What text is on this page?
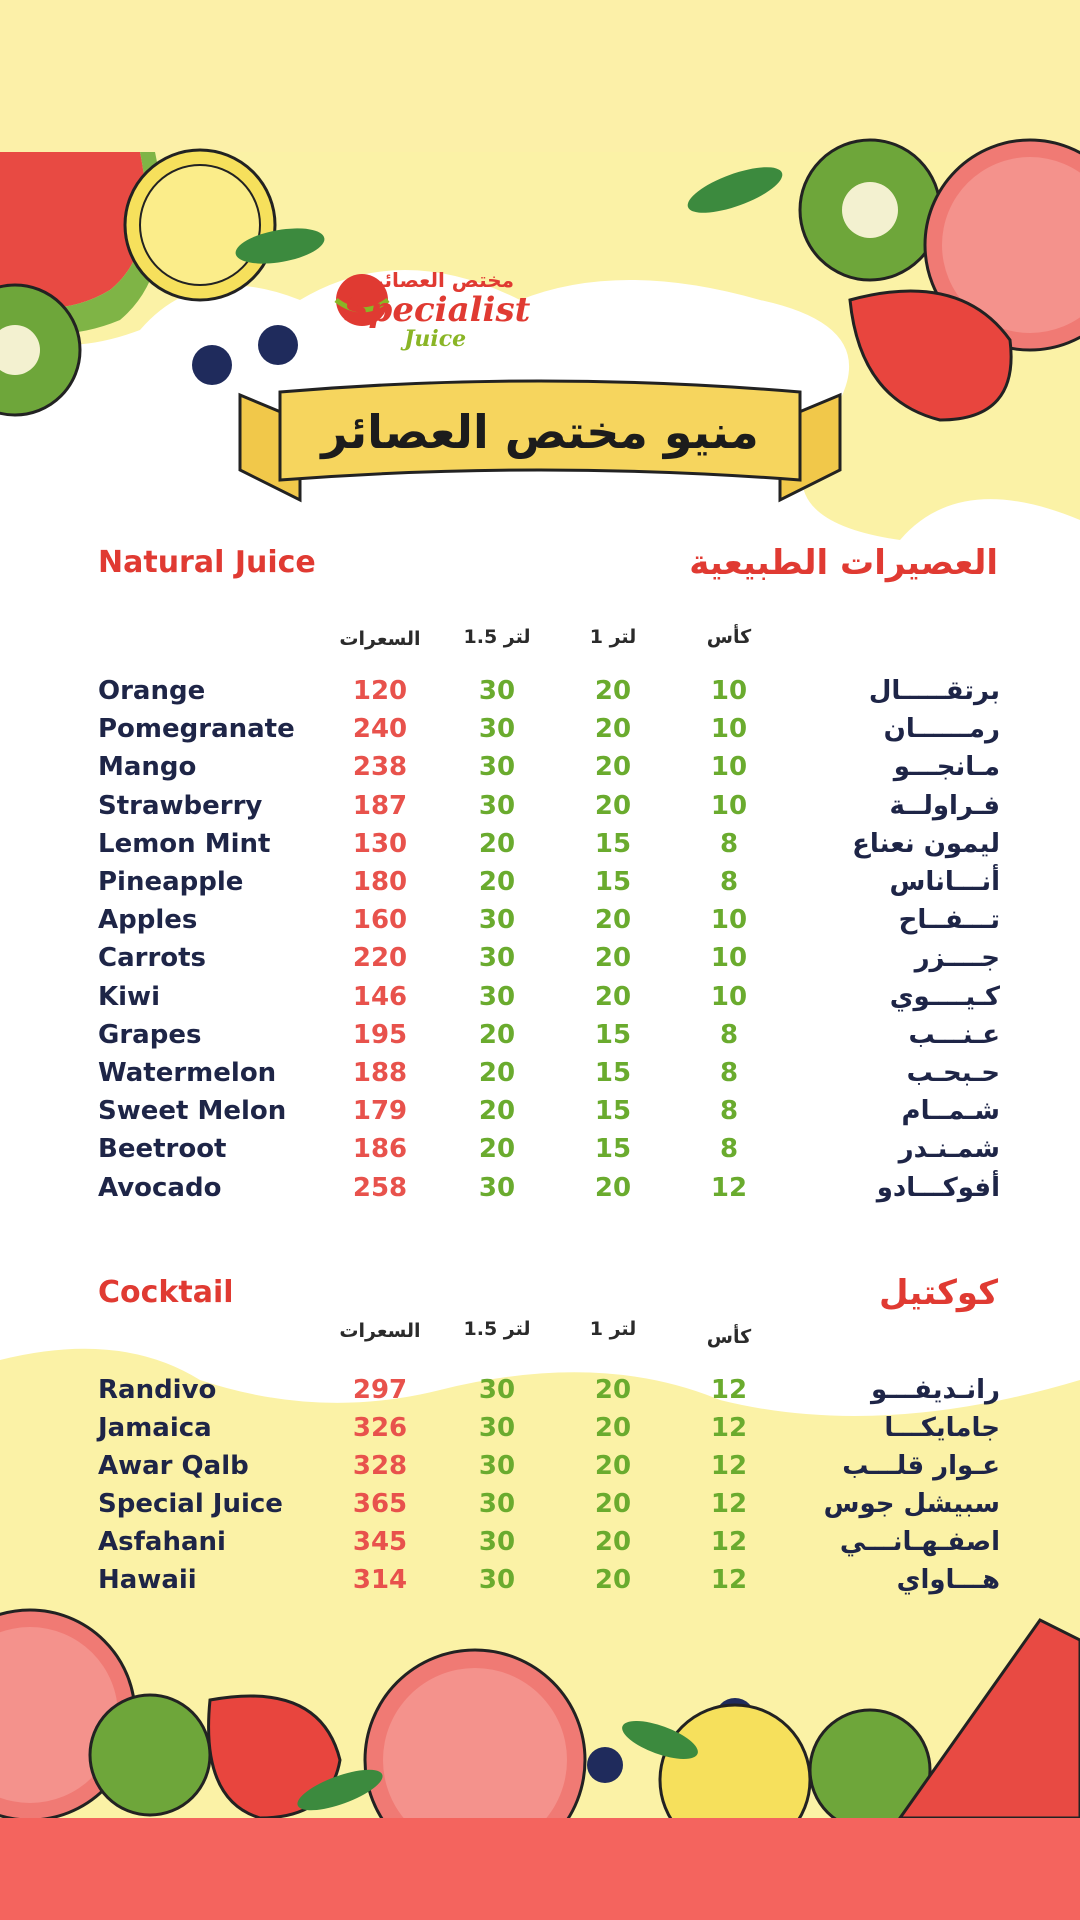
مختص العصائر
Specialist
Juice
منيو مختص العصائر
Natural Juice	العصيرات الطبيعية
السعرات	1.5 لتر	1 لتر	كأس
Orange	120	30	20	10	برتقـــــال
Pomegranate	240	30	20	10	رمــــــان
Mango	238	30	20	10	مـانجـــو
Strawberry	187	30	20	10	فـراولــة
Lemon Mint	130	20	15	8	ليمون نعناع
Pineapple	180	20	15	8	أنـــاناس
Apples	160	30	20	10	تـــفــاح
Carrots	220	30	20	10	جــــزر
Kiwi	146	30	20	10	كـيــــوي
Grapes	195	20	15	8	عـنـــب
Watermelon	188	20	15	8	حـبحـب
Sweet Melon	179	20	15	8	شـمــام
Beetroot	186	20	15	8	شمـنـدر
Avocado	258	30	20	12	أفوكـــادو
Cocktail	كوكتيل
السعرات	1.5 لتر	1 لتر	كأس
Randivo	297	30	20	12	رانـديفـــو
Jamaica	326	30	20	12	جامايكـــا
Awar Qalb	328	30	20	12	عـوار قلـــب
Special Juice	365	30	20	12	سبيشل جوس
Asfahani	345	30	20	12	اصفـهـانـــي
Hawaii	314	30	20	12	هـــاواي
